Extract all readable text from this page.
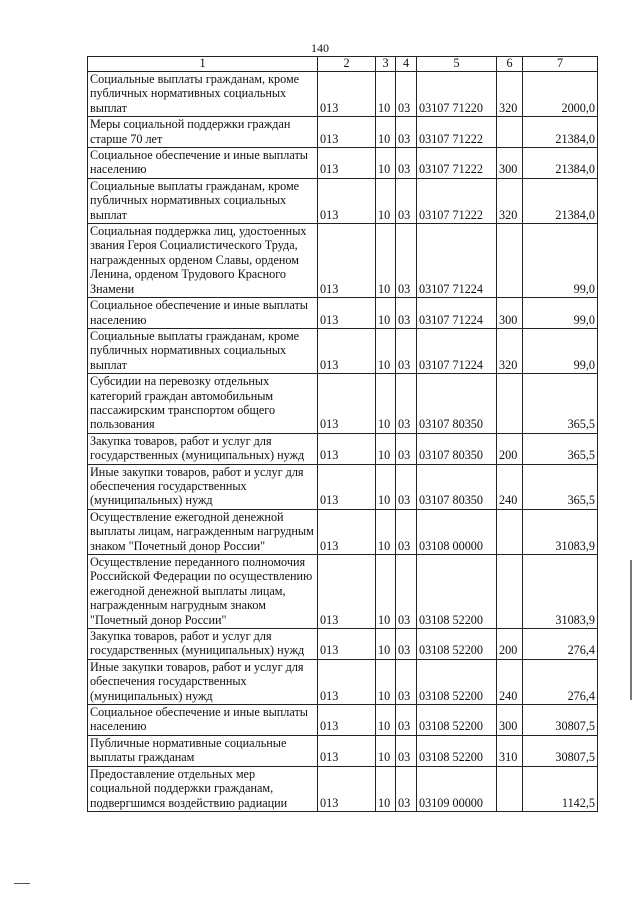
140
1	2	3	4	5	6	7
Социальные выплаты гражданам, кроме публичных нормативных социальных выплат	013	10	03	03107 71220	320	2000,0
Меры социальной поддержки граждан старше 70 лет	013	10	03	03107 71222		21384,0
Социальное обеспечение и иные выплаты населению	013	10	03	03107 71222	300	21384,0
Социальные выплаты гражданам, кроме публичных нормативных социальных выплат	013	10	03	03107 71222	320	21384,0
Социальная поддержка лиц, удостоенных звания Героя Социалистического Труда, награжденных орденом Славы, орденом Ленина, орденом Трудового Красного Знамени	013	10	03	03107 71224		99,0
Социальное обеспечение и иные выплаты населению	013	10	03	03107 71224	300	99,0
Социальные выплаты гражданам, кроме публичных нормативных социальных выплат	013	10	03	03107 71224	320	99,0
Субсидии на перевозку отдельных категорий граждан автомобильным пассажирским транспортом общего пользования	013	10	03	03107 80350		365,5
Закупка товаров, работ и услуг для государственных (муниципальных) нужд	013	10	03	03107 80350	200	365,5
Иные закупки товаров, работ и услуг для обеспечения государственных (муниципальных) нужд	013	10	03	03107 80350	240	365,5
Осуществление ежегодной денежной выплаты лицам, награжденным нагрудным знаком "Почетный донор России"	013	10	03	03108 00000		31083,9
Осуществление переданного полномочия Российской Федерации по осуществлению ежегодной денежной выплаты лицам, награжденным нагрудным знаком "Почетный донор России"	013	10	03	03108 52200		31083,9
Закупка товаров, работ и услуг для государственных (муниципальных) нужд	013	10	03	03108 52200	200	276,4
Иные закупки товаров, работ и услуг для обеспечения государственных (муниципальных) нужд	013	10	03	03108 52200	240	276,4
Социальное обеспечение и иные выплаты населению	013	10	03	03108 52200	300	30807,5
Публичные нормативные социальные выплаты гражданам	013	10	03	03108 52200	310	30807,5
Предоставление отдельных мер социальной поддержки гражданам, подвергшимся воздействию радиации	013	10	03	03109 00000		1142,5
